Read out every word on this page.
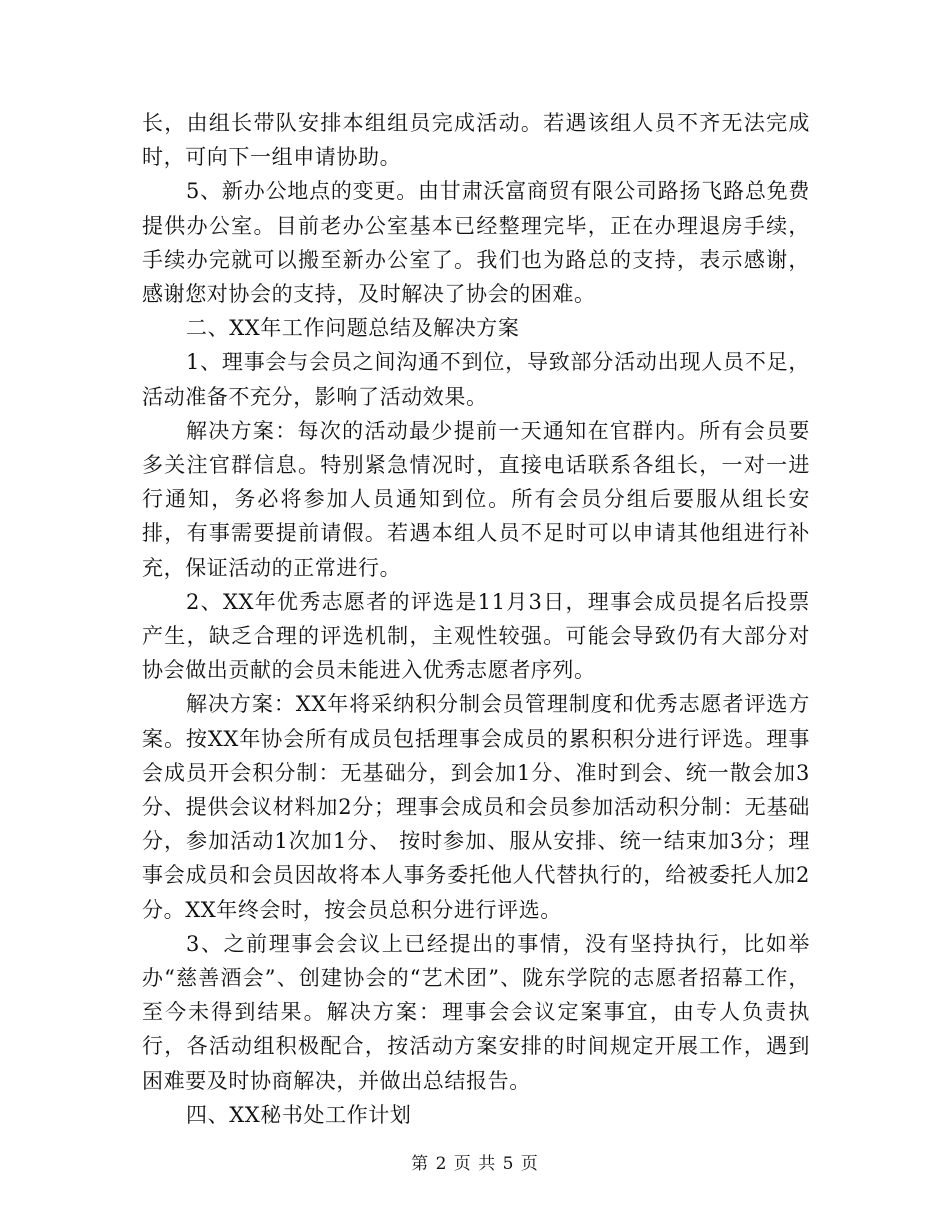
长，由组长带队安排本组组员完成活动。若遇该组人员不齐无法完成时，可向下一组申请协助。

5、新办公地点的变更。由甘肃沃富商贸有限公司路扬飞路总免费提供办公室。目前老办公室基本已经整理完毕，正在办理退房手续，手续办完就可以搬至新办公室了。我们也为路总的支持，表示感谢，感谢您对协会的支持，及时解决了协会的困难。

二、XX年工作问题总结及解决方案

1、理事会与会员之间沟通不到位，导致部分活动出现人员不足，活动准备不充分，影响了活动效果。

解决方案：每次的活动最少提前一天通知在官群内。所有会员要多关注官群信息。特别紧急情况时，直接电话联系各组长，一对一进行通知，务必将参加人员通知到位。所有会员分组后要服从组长安排，有事需要提前请假。若遇本组人员不足时可以申请其他组进行补充，保证活动的正常进行。

2、XX年优秀志愿者的评选是11月3日，理事会成员提名后投票产生，缺乏合理的评选机制，主观性较强。可能会导致仍有大部分对协会做出贡献的会员未能进入优秀志愿者序列。

解决方案：XX年将采纳积分制会员管理制度和优秀志愿者评选方案。按XX年协会所有成员包括理事会成员的累积积分进行评选。理事会成员开会积分制：无基础分，到会加1分、准时到会、统一散会加3分、提供会议材料加2分；理事会成员和会员参加活动积分制：无基础分，参加活动1次加1分、 按时参加、服从安排、统一结束加3分；理事会成员和会员因故将本人事务委托他人代替执行的，给被委托人加2分。XX年终会时，按会员总积分进行评选。

3、之前理事会会议上已经提出的事情，没有坚持执行，比如举办“慈善酒会”、创建协会的“艺术团”、陇东学院的志愿者招幕工作，至今未得到结果。解决方案：理事会会议定案事宜，由专人负责执行，各活动组积极配合，按活动方案安排的时间规定开展工作，遇到困难要及时协商解决，并做出总结报告。

四、XX秘书处工作计划

第 2 页 共 5 页
